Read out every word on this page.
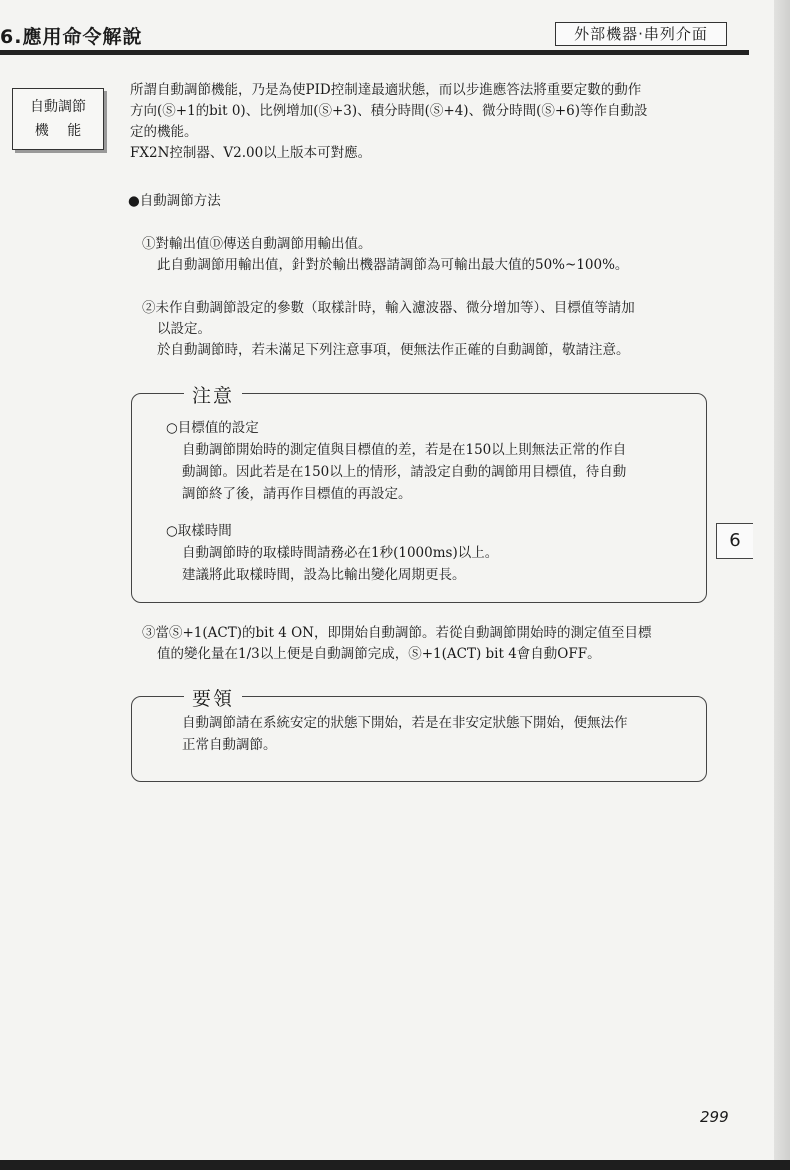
6.應用命令解說	外部機器‧串列介面
自動調節
機　 能
所謂自動調節機能，乃是為使PID控制達最適狀態，而以步進應答法將重要定數的動作
方向(Ⓢ+1的bit 0)、比例增加(Ⓢ+3)、積分時間(Ⓢ+4)、微分時間(Ⓢ+6)等作自動設
定的機能。
FX2N控制器、V2.00以上版本可對應。
●自動調節方法
①對輸出值Ⓓ傳送自動調節用輸出值。
此自動調節用輸出值，針對於輸出機器請調節為可輸出最大值的50%~100%。
②未作自動調節設定的參數（取樣計時，輸入濾波器、微分增加等）、目標值等請加
以設定。
於自動調節時，若未滿足下列注意事項，便無法作正確的自動調節，敬請注意。
注意
○目標值的設定
自動調節開始時的測定值與目標值的差，若是在150以上則無法正常的作自
動調節。因此若是在150以上的情形，請設定自動的調節用目標值，待自動
調節終了後，請再作目標值的再設定。
○取樣時間
自動調節時的取樣時間請務必在1秒(1000ms)以上。
建議將此取樣時間，設為比輸出變化周期更長。
6
③當Ⓢ+1(ACT)的bit 4 ON，即開始自動調節。若從自動調節開始時的測定值至目標
值的變化量在1/3以上便是自動調節完成，Ⓢ+1(ACT) bit 4會自動OFF。
要領
自動調節請在系統安定的狀態下開始，若是在非安定狀態下開始，便無法作
正常自動調節。
299
